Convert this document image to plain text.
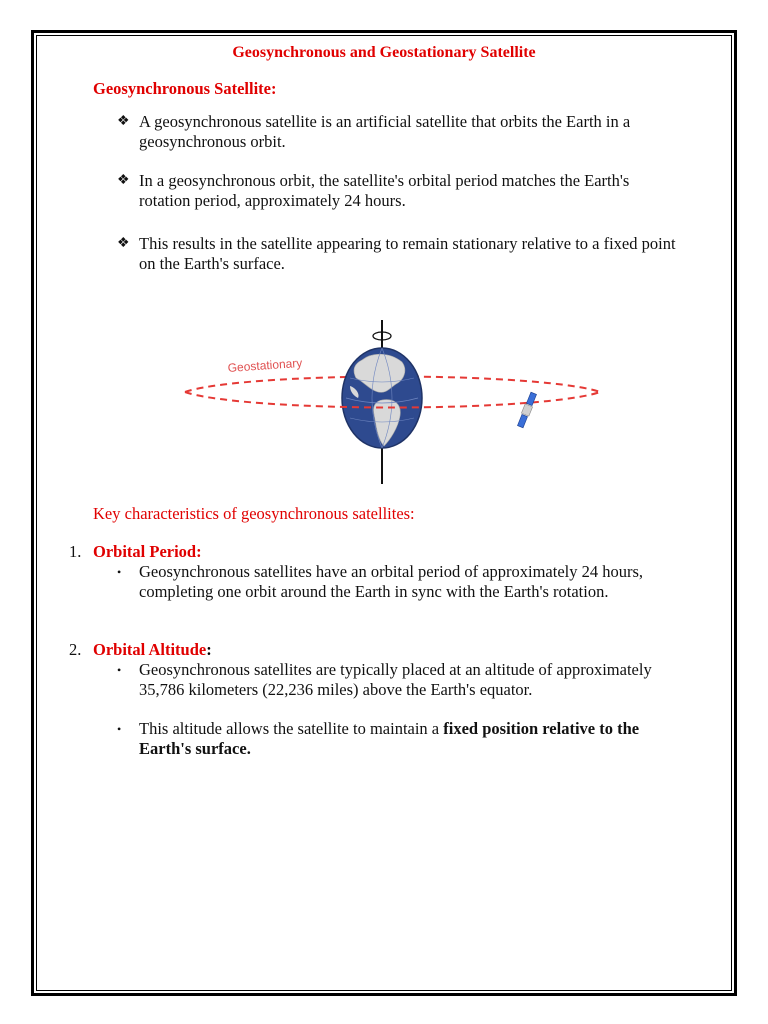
Geosynchronous and Geostationary Satellite
Geosynchronous Satellite:
❖ A geosynchronous satellite is an artificial satellite that orbits the Earth in a geosynchronous orbit.
❖ In a geosynchronous orbit, the satellite's orbital period matches the Earth's rotation period, approximately 24 hours.
❖ This results in the satellite appearing to remain stationary relative to a fixed point on the Earth's surface.
Geostationary
Key characteristics of geosynchronous satellites:
1. Orbital Period:
• Geosynchronous satellites have an orbital period of approximately 24 hours, completing one orbit around the Earth in sync with the Earth's rotation.
2. Orbital Altitude:
• Geosynchronous satellites are typically placed at an altitude of approximately 35,786 kilometers (22,236 miles) above the Earth's equator.
• This altitude allows the satellite to maintain a fixed position relative to the Earth's surface.
